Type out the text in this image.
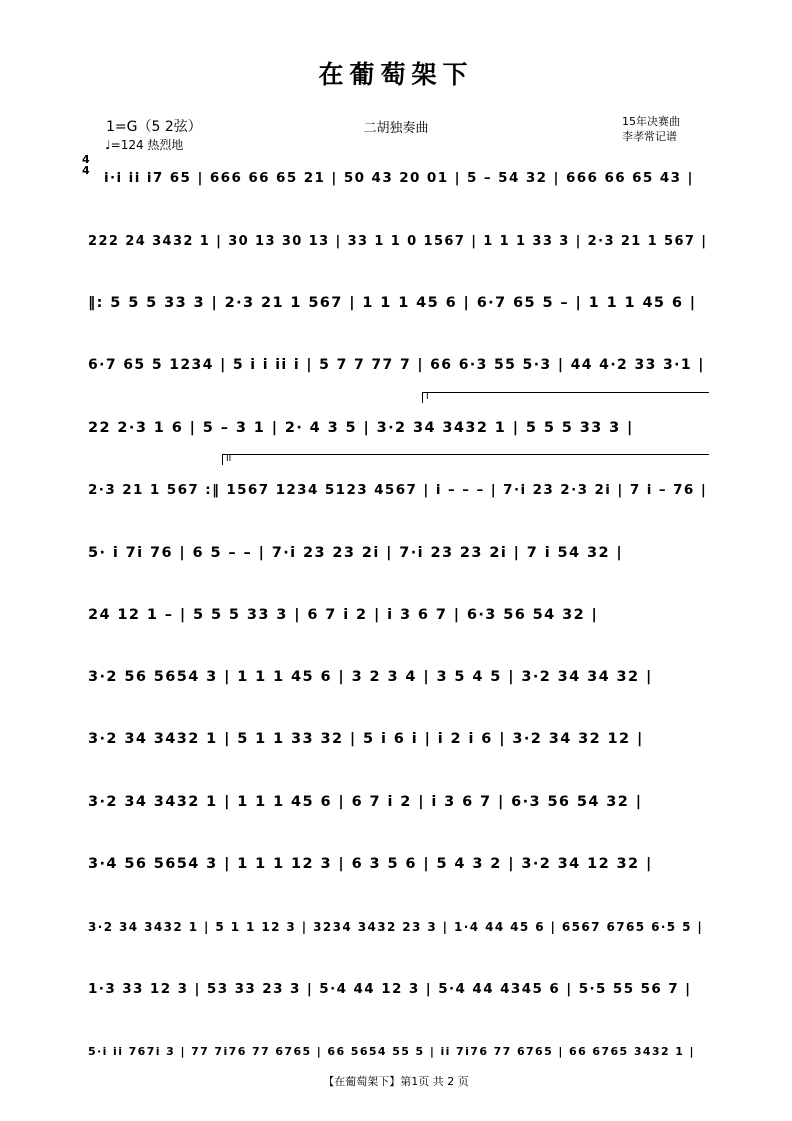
在葡萄架下
1=G（5 2弦）
♩=124 热烈地
二胡独奏曲	15年决赛曲
李孝常记谱
4
4 i·i ii i7 65 | 666 66 65 21 | 50 43 20 01 | 5 – 54 32 | 666 66 65 43 |
222 24 3432 1 | 30 13 30 13 | 33 1 1 0 1567 | 1 1 1 33 3 | 2·3 21 1 567 |
‖: 5 5 5 33 3 | 2·3 21 1 567 | 1 1 1 45 6 | 6·7 65 5 – | 1 1 1 45 6 |
6·7 65 5 1234 | 5 i i ii i | 5 7 7 77 7 | 66 6·3 55 5·3 | 44 4·2 33 3·1 |
I
22 2·3 1 6 | 5 – 3 1 | 2· 4 3 5 | 3·2 34 3432 1 | 5 5 5 33 3 |
II
2·3 21 1 567 :‖ 1567 1234 5123 4567 | i – – – | 7·i 23 2·3 2i | 7 i – 76 |
5· i 7i 76 | 6 5 – – | 7·i 23 23 2i | 7·i 23 23 2i | 7 i 54 32 |
24 12 1 – | 5 5 5 33 3 | 6 7 i 2 | i 3 6 7 | 6·3 56 54 32 |
3·2 56 5654 3 | 1 1 1 45 6 | 3 2 3 4 | 3 5 4 5 | 3·2 34 34 32 |
3·2 34 3432 1 | 5 1 1 33 32 | 5 i 6 i | i 2 i 6 | 3·2 34 32 12 |
3·2 34 3432 1 | 1 1 1 45 6 | 6 7 i 2 | i 3 6 7 | 6·3 56 54 32 |
3·4 56 5654 3 | 1 1 1 12 3 | 6 3 5 6 | 5 4 3 2 | 3·2 34 12 32 |
3·2 34 3432 1 | 5 1 1 12 3 | 3234 3432 23 3 | 1·4 44 45 6 | 6567 6765 6·5 5 |
1·3 33 12 3 | 53 33 23 3 | 5·4 44 12 3 | 5·4 44 4345 6 | 5·5 55 56 7 |
5·i ii 767i 3 | 77 7i76 77 6765 | 66 5654 55 5 | ii 7i76 77 6765 | 66 6765 3432 1 |
【在葡萄架下】第1页 共 2 页
